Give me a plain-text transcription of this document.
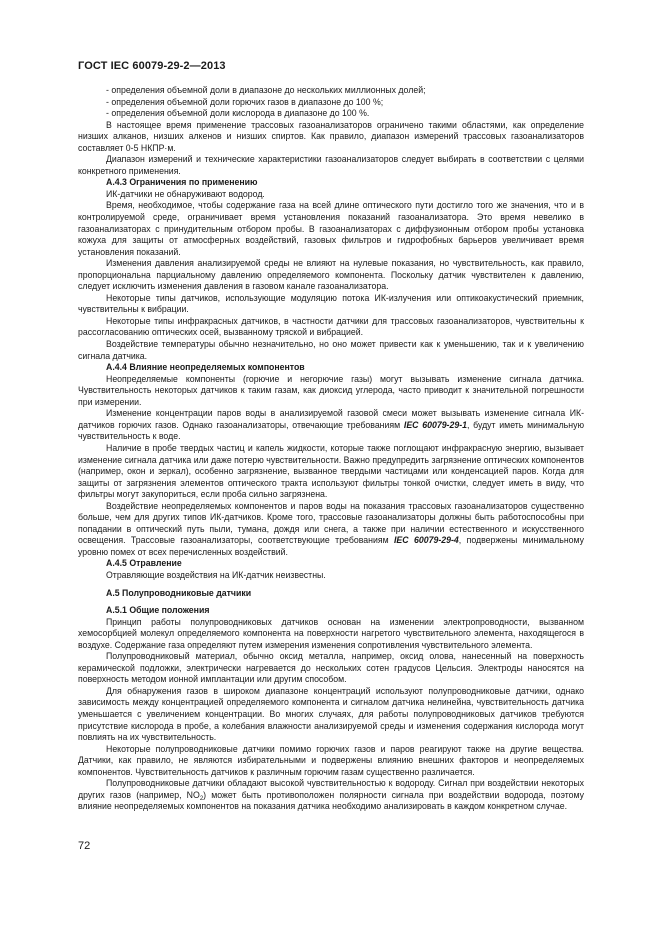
ГОСТ IEC 60079-29-2—2013

- определения объемной доли в диапазоне до нескольких миллионных долей;

- определения объемной доли горючих газов в диапазоне до 100 %;

- определения объемной доли кислорода в диапазоне до 100 %.

В настоящее время применение трассовых газоанализаторов ограничено такими областями, как определение низших алканов, низших алкенов и низших спиртов. Как правило, диапазон измерений трассовых газоанализаторов составляет 0-5 НКПР·м.

Диапазон измерений и технические характеристики газоанализаторов следует выбирать в соответствии с целями конкретного применения.

А.4.3 Ограничения по применению

ИК-датчики не обнаруживают водород.

Время, необходимое, чтобы содержание газа на всей длине оптического пути достигло того же значения, что и в контролируемой среде, ограничивает время установления показаний газоанализатора. Это время невелико в газоанализаторах с принудительным отбором пробы. В газоанализаторах с диффузионным отбором пробы установка кожуха для защиты от атмосферных воздействий, газовых фильтров и гидрофобных барьеров увеличивает время установления показаний.

Изменения давления анализируемой среды не влияют на нулевые показания, но чувствительность, как правило, пропорциональна парциальному давлению определяемого компонента. Поскольку датчик чувствителен к давлению, следует исключить изменения давления в газовом канале газоанализатора.

Некоторые типы датчиков, использующие модуляцию потока ИК-излучения или оптикоакустический приемник, чувствительны к вибрации.

Некоторые типы инфракрасных датчиков, в частности датчики для трассовых газоанализаторов, чувствительны к рассогласованию оптических осей, вызванному тряской и вибрацией.

Воздействие температуры обычно незначительно, но оно может привести как к уменьшению, так и к увеличению сигнала датчика.

А.4.4 Влияние неопределяемых компонентов

Неопределяемые компоненты (горючие и негорючие газы) могут вызывать изменение сигнала датчика. Чувствительность некоторых датчиков к таким газам, как диоксид углерода, часто приводит к значительной погрешности при измерении.

Изменение концентрации паров воды в анализируемой газовой смеси может вызывать изменение сигнала ИК-датчиков горючих газов. Однако газоанализаторы, отвечающие требованиям IEC 60079-29-1, будут иметь минимальную чувствительность к воде.

Наличие в пробе твердых частиц и капель жидкости, которые также поглощают инфракрасную энергию, вызывает изменение сигнала датчика или даже потерю чувствительности. Важно предупредить загрязнение оптических компонентов (например, окон и зеркал), особенно загрязнение, вызванное твердыми частицами или конденсацией паров. Когда для защиты от загрязнения элементов оптического тракта используют фильтры тонкой очистки, следует иметь в виду, что фильтры могут закупориться, если проба сильно загрязнена.

Воздействие неопределяемых компонентов и паров воды на показания трассовых газоанализаторов существенно больше, чем для других типов ИК-датчиков. Кроме того, трассовые газоанализаторы должны быть работоспособны при попадании в оптический путь пыли, тумана, дождя или снега, а также при наличии естественного и искусственного освещения. Трассовые газоанализаторы, соответствующие требованиям IEC 60079-29-4, подвержены минимальному уровню помех от всех перечисленных воздействий.

А.4.5 Отравление

Отравляющие воздействия на ИК-датчик неизвестны.

А.5 Полупроводниковые датчики

А.5.1 Общие положения

Принцип работы полупроводниковых датчиков основан на изменении электропроводности, вызванном хемосорбцией молекул определяемого компонента на поверхности нагретого чувствительного элемента, находящегося в воздухе. Содержание газа определяют путем измерения изменения сопротивления чувствительного элемента.

Полупроводниковый материал, обычно оксид металла, например, оксид олова, нанесенный на поверхность керамической подложки, электрически нагревается до нескольких сотен градусов Цельсия. Электроды наносятся на поверхность методом ионной имплантации или другим способом.

Для обнаружения газов в широком диапазоне концентраций используют полупроводниковые датчики, однако зависимость между концентрацией определяемого компонента и сигналом датчика нелинейна, чувствительность датчика уменьшается с увеличением концентрации. Во многих случаях, для работы полупроводниковых датчиков требуются присутствие кислорода в пробе, а колебания влажности анализируемой среды и изменения содержания кислорода могут повлиять на их чувствительность.

Некоторые полупроводниковые датчики помимо горючих газов и паров реагируют также на другие вещества. Датчики, как правило, не являются избирательными и подвержены влиянию внешних факторов и неопределяемых компонентов. Чувствительность датчиков к различным горючим газам существенно различается.

Полупроводниковые датчики обладают высокой чувствительностью к водороду. Сигнал при воздействии некоторых других газов (например, $NO_2$) может быть противоположен полярности сигнала при воздействии водорода, поэтому влияние неопределяемых компонентов на показания датчика необходимо анализировать в каждом конкретном случае.

72
